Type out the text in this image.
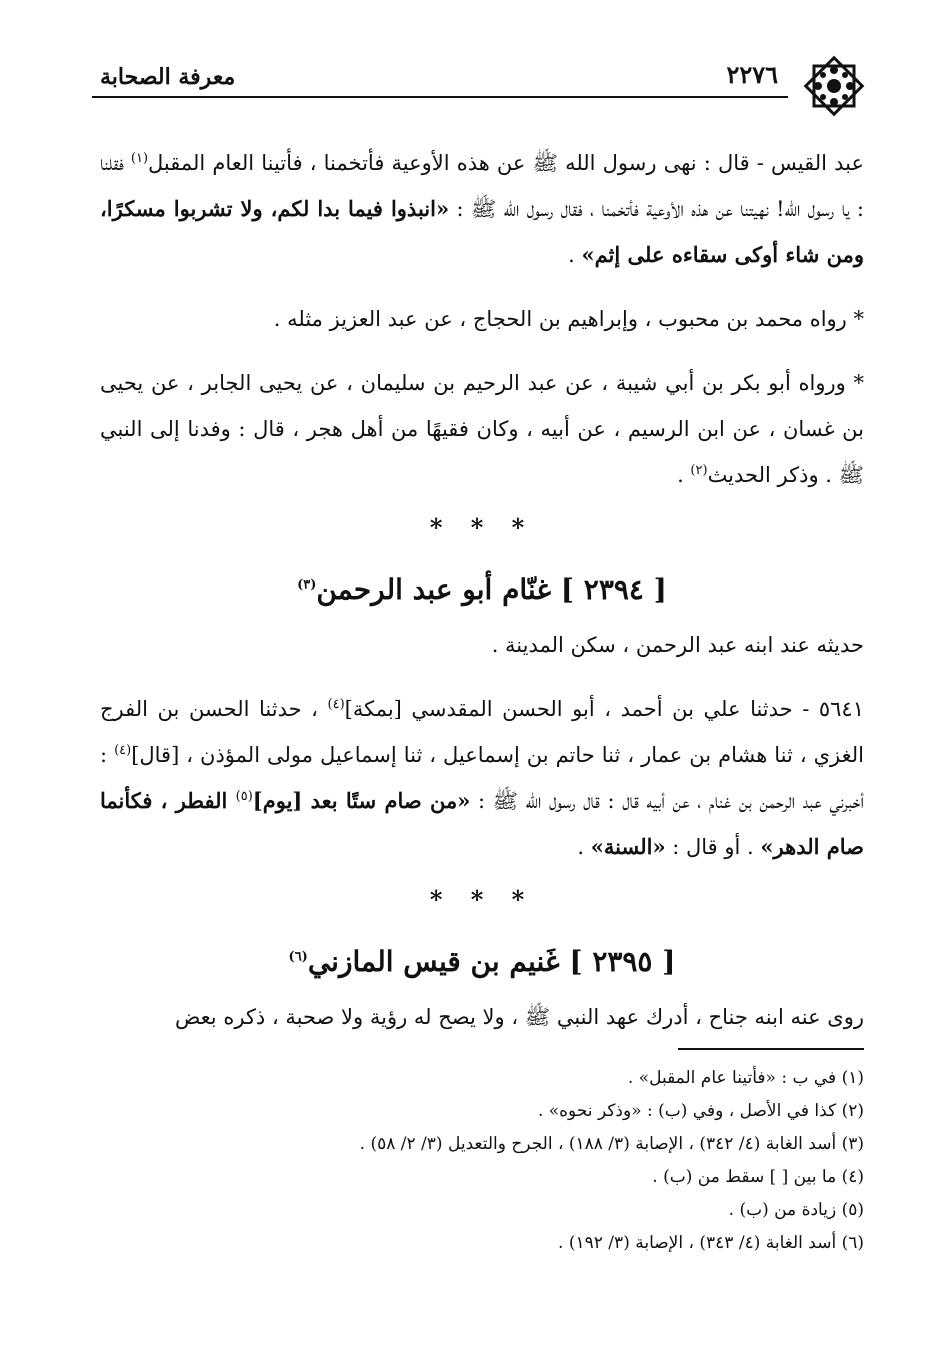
معرفة الصحابة	٢٢٧٦

عبد القيس - قال : نهى رسول الله ﷺ عن هذه الأوعية فأتخمنا ، فأتينا العام المقبل$^{(١)}$ فقلنا : يا رسول الله! نهيتنا عن هذه الأوعية فأتخمنا ، فقال رسول الله ﷺ : «انبذوا فيما بدا لكم، ولا تشربوا مسكرًا، ومن شاء أوكى سقاءه على إثم» .

* رواه محمد بن محبوب ، وإبراهيم بن الحجاج ، عن عبد العزيز مثله .

* ورواه أبو بكر بن أبي شيبة ، عن عبد الرحيم بن سليمان ، عن يحيى الجابر ، عن يحيى بن غسان ، عن ابن الرسيم ، عن أبيه ، وكان فقيهًا من أهل هجر ، قال : وفدنا إلى النبي ﷺ . وذكر الحديث$^{(٢)}$ .

* * *
[ ٢٣٩٤ ] غنّام أبو عبد الرحمن$^{(٣)}$

حديثه عند ابنه عبد الرحمن ، سكن المدينة .

٥٦٤١ - حدثنا علي بن أحمد ، أبو الحسن المقدسي [بمكة]$^{(٤)}$ ، حدثنا الحسن بن الفرج الغزي ، ثنا هشام بن عمار ، ثنا حاتم بن إسماعيل ، ثنا إسماعيل مولى المؤذن ، [قال]$^{(٤)}$ : أخبرني عبد الرحمن بن غنام ، عن أبيه قال : قال رسول الله ﷺ : «من صام ستًا بعد [يوم]$^{(٥)}$ الفطر ، فكأنما صام الدهر» . أو قال : «السنة» .

* * *
[ ٢٣٩٥ ] غَنيم بن قيس المازني$^{(٦)}$

روى عنه ابنه جناح ، أدرك عهد النبي ﷺ ، ولا يصح له رؤية ولا صحبة ، ذكره بعض

(١) في ب : «فأتينا عام المقبل» .
(٢) كذا في الأصل ، وفي (ب) : «وذكر نحوه» .
(٣) أسد الغابة (٤/ ٣٤٢) ، الإصابة (٣/ ١٨٨) ، الجرح والتعديل (٣/ ٢/ ٥٨) .
(٤) ما بين [ ] سقط من (ب) .
(٥) زيادة من (ب) .
(٦) أسد الغابة (٤/ ٣٤٣) ، الإصابة (٣/ ١٩٢) .
